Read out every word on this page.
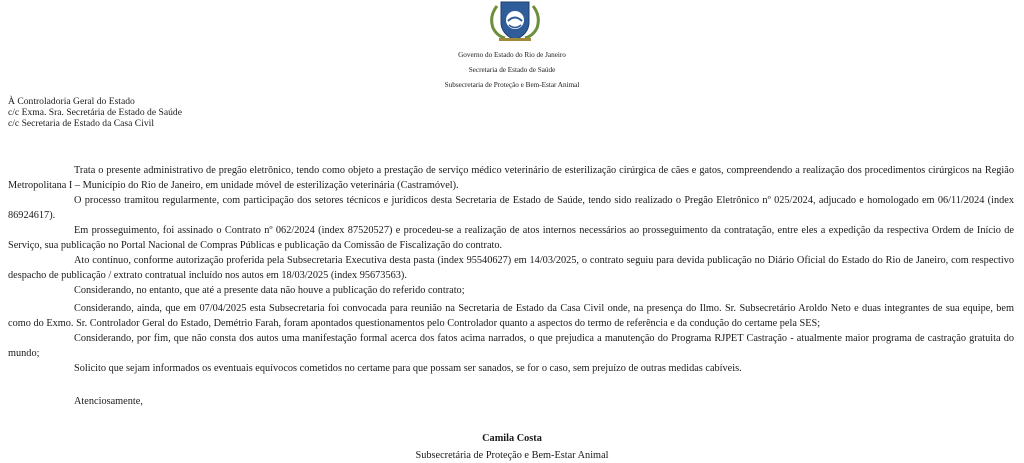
Governo do Estado do Rio de Janeiro
Secretaria de Estado de Saúde
Subsecretaria de Proteção e Bem-Estar Animal
À Controladoria Geral do Estado
c/c Exma. Sra. Secretária de Estado de Saúde
c/c Secretaria de Estado da Casa Civil
Trata o presente administrativo de pregão eletrônico, tendo como objeto a prestação de serviço médico veterinário de esterilização cirúrgica de cães e gatos, compreendendo a realização dos procedimentos cirúrgicos na Região Metropolitana I – Município do Rio de Janeiro, em unidade móvel de esterilização veterinária (Castramóvel).
O processo tramitou regularmente, com participação dos setores técnicos e jurídicos desta Secretaria de Estado de Saúde, tendo sido realizado o Pregão Eletrônico nº 025/2024, adjucado e homologado em 06/11/2024 (index 86924617).
Em prosseguimento, foi assinado o Contrato nº 062/2024 (index 87520527) e procedeu-se a realização de atos internos necessários ao prosseguimento da contratação, entre eles a expedição da respectiva Ordem de Início de Serviço, sua publicação no Portal Nacional de Compras Públicas e publicação da Comissão de Fiscalização do contrato.
Ato contínuo, conforme autorização proferida pela Subsecretaria Executiva desta pasta (index 95540627) em 14/03/2025, o contrato seguiu para devida publicação no Diário Oficial do Estado do Rio de Janeiro, com respectivo despacho de publicação / extrato contratual incluído nos autos em 18/03/2025 (index 95673563).
Considerando, no entanto, que até a presente data não houve a publicação do referido contrato;
Considerando, ainda, que em 07/04/2025 esta Subsecretaria foi convocada para reunião na Secretaria de Estado da Casa Civil onde, na presença do Ilmo. Sr. Subsecretário Aroldo Neto e duas integrantes de sua equipe, bem como do Exmo. Sr. Controlador Geral do Estado, Demétrio Farah, foram apontados questionamentos pelo Controlador quanto a aspectos do termo de referência e da condução do certame pela SES;
Considerando, por fim, que não consta dos autos uma manifestação formal acerca dos fatos acima narrados, o que prejudica a manutenção do Programa RJPET Castração - atualmente maior programa de castração gratuita do mundo;
Solicito que sejam informados os eventuais equívocos cometidos no certame para que possam ser sanados, se for o caso, sem prejuízo de outras medidas cabíveis.
Atenciosamente,
Camila Costa
Subsecretária de Proteção e Bem-Estar Animal
